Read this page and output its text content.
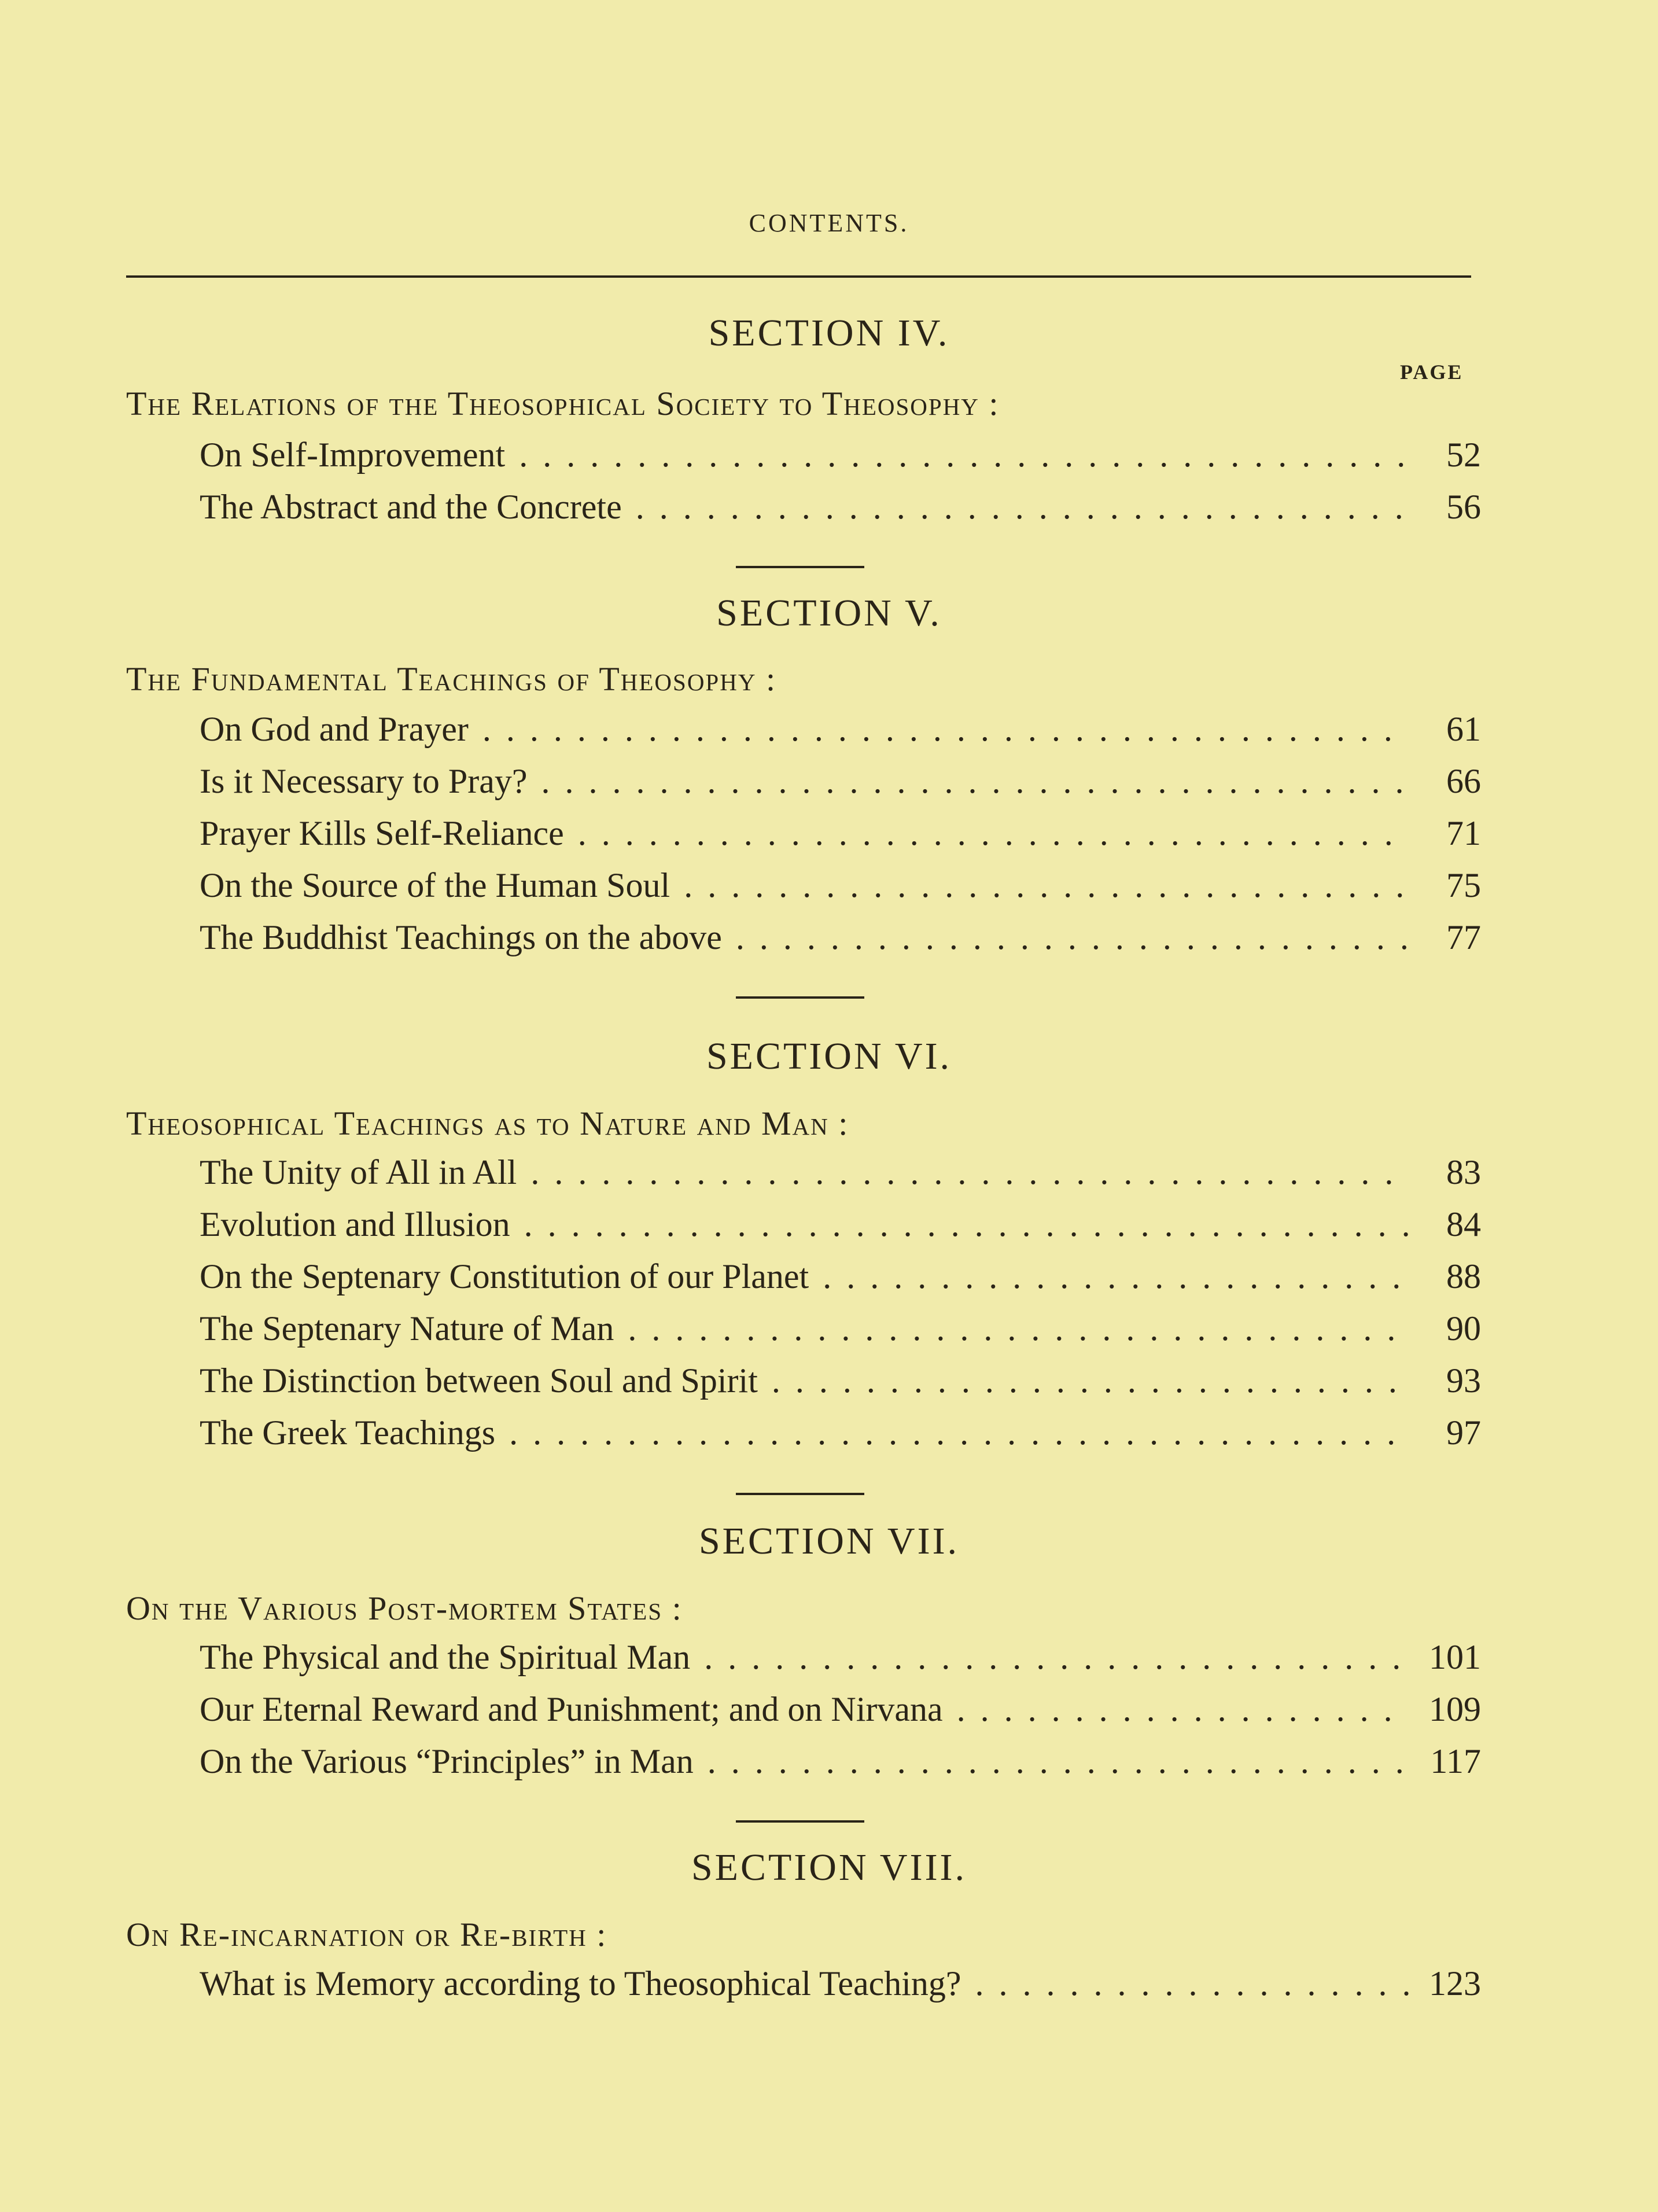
CONTENTS.
SECTION IV.
PAGE
The Relations of the Theosophical Society to Theosophy :
On Self-Improvement .....	52
The Abstract and the Concrete .....	56
SECTION V.
The Fundamental Teachings of Theosophy :
On God and Prayer .....	61
Is it Necessary to Pray? .....	66
Prayer Kills Self-Reliance .....	71
On the Source of the Human Soul .....	75
The Buddhist Teachings on the above .....	77
SECTION VI.
Theosophical Teachings as to Nature and Man :
The Unity of All in All .....	83
Evolution and Illusion .....	84
On the Septenary Constitution of our Planet .....	88
The Septenary Nature of Man .....	90
The Distinction between Soul and Spirit .....	93
The Greek Teachings .....	97
SECTION VII.
On the Various Post-mortem States :
The Physical and the Spiritual Man .....	101
Our Eternal Reward and Punishment; and on Nirvana .....	109
On the Various “Principles” in Man .....	117
SECTION VIII.
On Re-incarnation or Re-birth :
What is Memory according to Theosophical Teaching? .....	123
